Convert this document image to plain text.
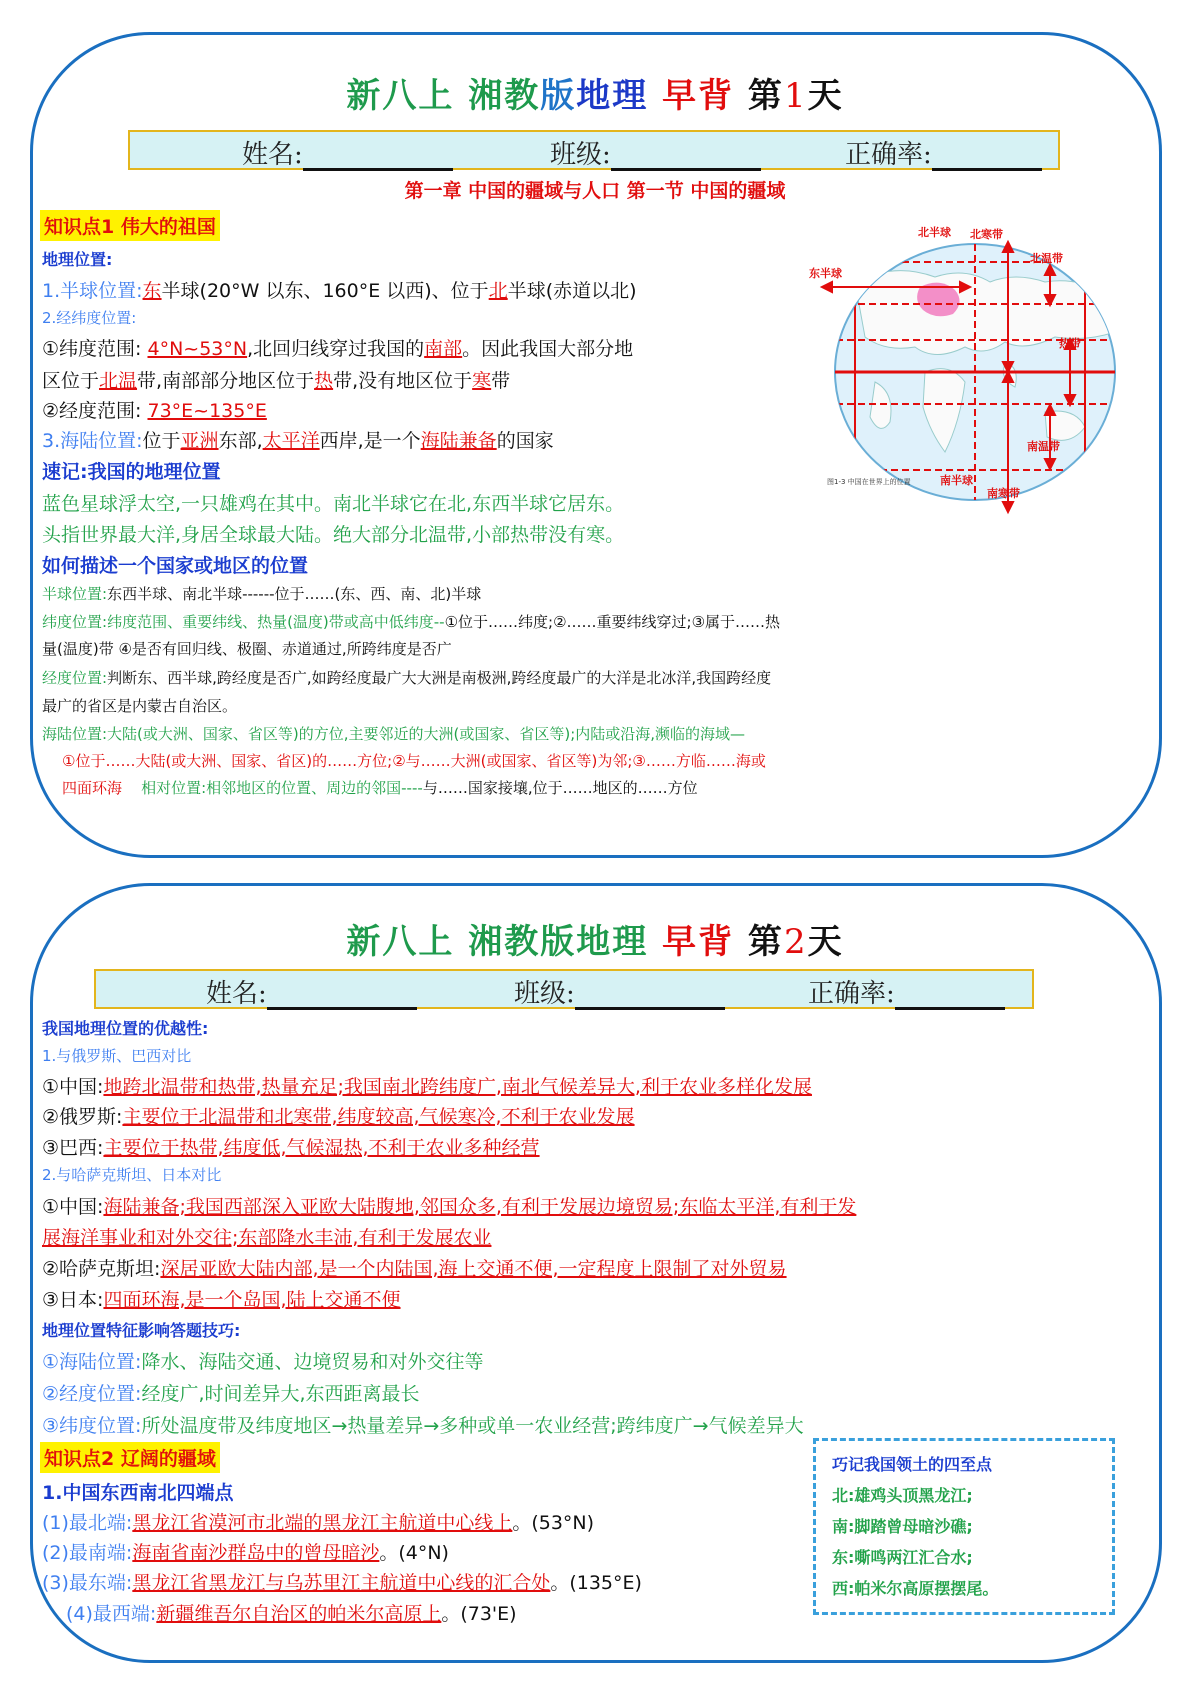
新八上 湘教版地理 早背 第1天
姓名:	班级:	正确率:
第一章 中国的疆域与人口 第一节 中国的疆域
知识点1 伟大的祖国
地理位置:
1.半球位置:东半球(20°W 以东、160°E 以西)、位于北半球(赤道以北)
2.经纬度位置:
①纬度范围: 4°N~53°N,北回归线穿过我国的南部。因此我国大部分地
区位于北温带,南部部分地区位于热带,没有地区位于寒带
②经度范围: 73°E~135°E
3.海陆位置:位于亚洲东部,太平洋西岸,是一个海陆兼备的国家
速记:我国的地理位置
蓝色星球浮太空,一只雄鸡在其中。南北半球它在北,东西半球它居东。
头指世界最大洋,身居全球最大陆。绝大部分北温带,小部热带没有寒。
如何描述一个国家或地区的位置
半球位置:东西半球、南北半球------位于……(东、西、南、北)半球
纬度位置:纬度范围、重要纬线、热量(温度)带或高中低纬度--①位于……纬度;②……重要纬线穿过;③属于……热
量(温度)带 ④是否有回归线、极圈、赤道通过,所跨纬度是否广
经度位置:判断东、西半球,跨经度是否广,如跨经度最广大大洲是南极洲,跨经度最广的大洋是北冰洋,我国跨经度
最广的省区是内蒙古自治区。
海陆位置:大陆(或大洲、国家、省区等)的方位,主要邻近的大洲(或国家、省区等);内陆或沿海,濒临的海域—
①位于……大陆(或大洲、国家、省区)的……方位;②与……大洲(或国家、省区等)为邻;③……方临……海或
四面环海 相对位置:相邻地区的位置、周边的邻国----与……国家接壤,位于……地区的……方位
北半球 北寒带
东半球
北温带
热带
南温带
南半球
南寒带
图1-3 中国在世界上的位置
新八上 湘教版地理 早背 第2天
姓名:	班级:	正确率:
我国地理位置的优越性:
1.与俄罗斯、巴西对比
①中国:地跨北温带和热带,热量充足;我国南北跨纬度广,南北气候差异大,利于农业多样化发展
②俄罗斯:主要位于北温带和北寒带,纬度较高,气候寒冷,不利于农业发展
③巴西:主要位于热带,纬度低,气候湿热,不利于农业多种经营
2.与哈萨克斯坦、日本对比
①中国:海陆兼备;我国西部深入亚欧大陆腹地,邻国众多,有利于发展边境贸易;东临太平洋,有利于发
展海洋事业和对外交往;东部降水丰沛,有利于发展农业
②哈萨克斯坦:深居亚欧大陆内部,是一个内陆国,海上交通不便,一定程度上限制了对外贸易
③日本:四面环海,是一个岛国,陆上交通不便
地理位置特征影响答题技巧:
①海陆位置:降水、海陆交通、边境贸易和对外交往等
②经度位置:经度广,时间差异大,东西距离最长
③纬度位置:所处温度带及纬度地区→热量差异→多种或单一农业经营;跨纬度广→气候差异大
知识点2 辽阔的疆域
1.中国东西南北四端点
(1)最北端:黑龙江省漠河市北端的黑龙江主航道中心线上。(53°N)
(2)最南端:海南省南沙群岛中的曾母暗沙。(4°N)
(3)最东端:黑龙江省黑龙江与乌苏里江主航道中心线的汇合处。(135°E)
(4)最西端:新疆维吾尔自治区的帕米尔高原上。(73'E)
巧记我国领土的四至点
北:雄鸡头顶黑龙江;
南:脚踏曾母暗沙礁;
东:嘶鸣两江汇合水;
西:帕米尔高原摆摆尾。
